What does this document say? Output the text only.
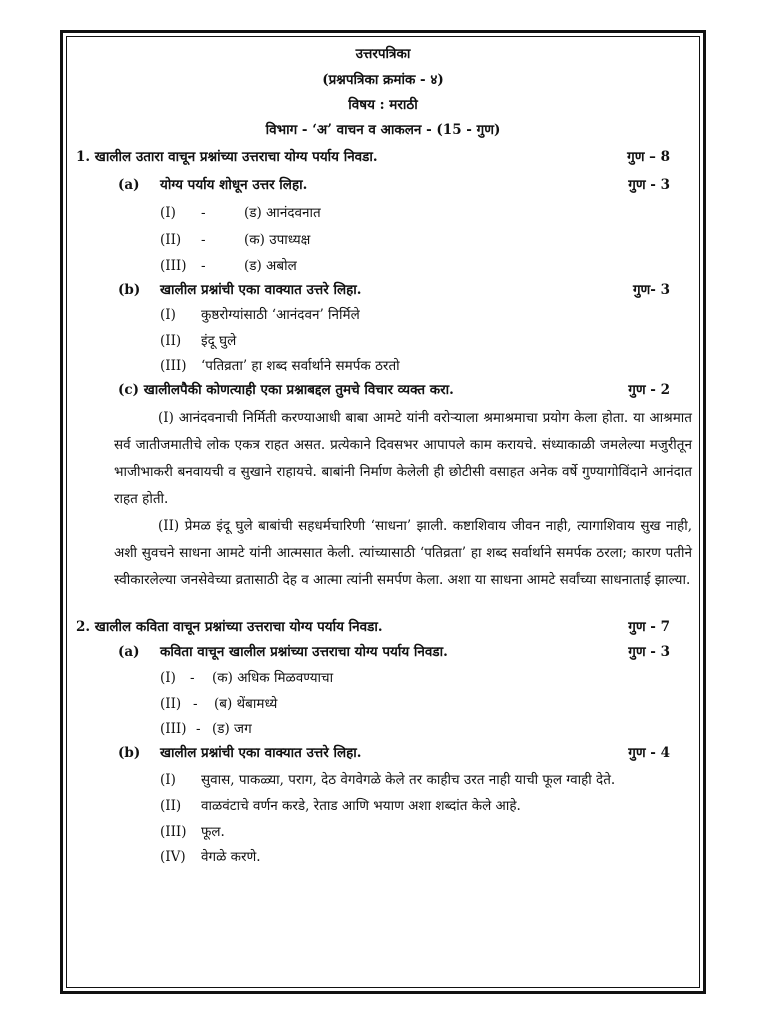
उत्तरपत्रिका
(प्रश्नपत्रिका क्रमांक - ४)
विषय : मराठी
विभाग - ‘अ’ वाचन व आकलन - (15 - गुण)
1. खालील उतारा वाचून प्रश्नांच्या उत्तराचा योग्य पर्याय निवडा.	गुण – 8
(a) योग्य पर्याय शोधून उत्तर लिहा.	गुण - 3
(I) -	(ड) आनंदवनात
(II) -	(क) उपाध्यक्ष
(III) -	(ड) अबोल
(b) खालील प्रश्नांची एका वाक्यात उत्तरे लिहा.	गुण- 3
(I) कुष्ठरोग्यांसाठी ‘आनंदवन’ निर्मिले
(II) इंदू घुले
(III) ‘पतिव्रता’ हा शब्द सर्वार्थाने समर्पक ठरतो
(c) खालीलपैकी कोणत्याही एका प्रश्नाबद्दल तुमचे विचार व्यक्त करा.	गुण - 2

(I) आनंदवनाची निर्मिती करण्याआधी बाबा आमटे यांनी वरोऱ्याला श्रमाश्रमाचा प्रयोग केला होता. या आश्रमात सर्व जातीजमातीचे लोक एकत्र राहत असत. प्रत्येकाने दिवसभर आपापले काम करायचे. संध्याकाळी जमलेल्या मजुरीतून भाजीभाकरी बनवायची व सुखाने राहायचे. बाबांनी निर्माण केलेली ही छोटीसी वसाहत अनेक वर्षे गुण्यागोविंदाने आनंदात राहत होती.

(II) प्रेमळ इंदू घुले बाबांची सहधर्मचारिणी ‘साधना’ झाली. कष्टाशिवाय जीवन नाही, त्यागाशिवाय सुख नाही, अशी सुवचने साधना आमटे यांनी आत्मसात केली. त्यांच्यासाठी ‘पतिव्रता’ हा शब्द सर्वार्थाने समर्पक ठरला; कारण पतीने स्वीकारलेल्या जनसेवेच्या व्रतासाठी देह व आत्मा त्यांनी समर्पण केला. अशा या साधना आमटे सर्वांच्या साधनाताई झाल्या.

2. खालील कविता वाचून प्रश्नांच्या उत्तराचा योग्य पर्याय निवडा.	गुण - 7
(a) कविता वाचून खालील प्रश्नांच्या उत्तराचा योग्य पर्याय निवडा.	गुण - 3
(I) - (क) अधिक मिळवण्याचा
(II) - (ब) थेंबामध्ये
(III) - (ड) जग
(b) खालील प्रश्नांची एका वाक्यात उत्तरे लिहा.	गुण - 4
(I) सुवास, पाकळ्या, पराग, देठ वेगवेगळे केले तर काहीच उरत नाही याची फूल ग्वाही देते.
(II) वाळवंटाचे वर्णन करडे, रेताड आणि भयाण अशा शब्दांत केले आहे.
(III) फूल.
(IV) वेगळे करणे.
